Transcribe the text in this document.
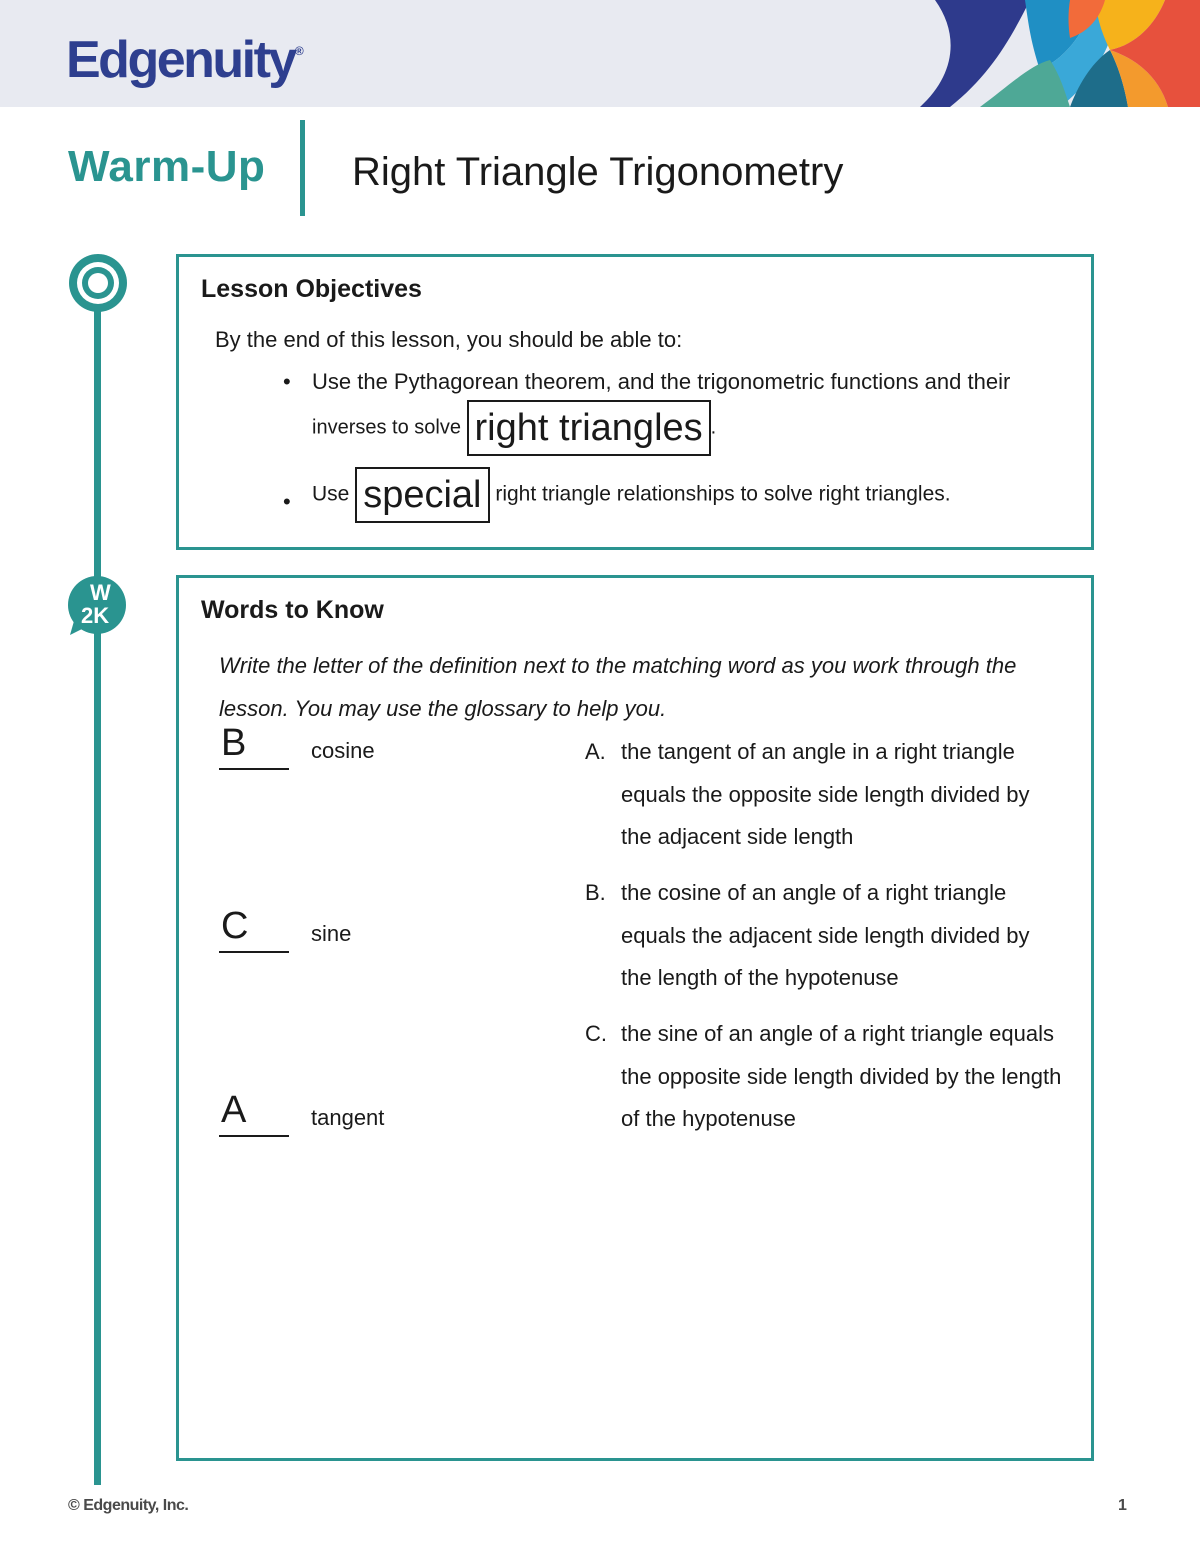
Edgenuity®
Warm-Up Right Triangle Trigonometry
W
2K
Lesson Objectives
By the end of this lesson, you should be able to:
• Use the Pythagorean theorem, and the trigonometric functions and their
inverses to solve right triangles .
• Use special right triangle relationships to solve right triangles.
Words to Know
Write the letter of the definition next to the matching word as you work through the lesson. You may use the glossary to help you.
B	cosine
C	sine
A	tangent
A. the tangent of an angle in a right triangle equals the opposite side length divided by the adjacent side length
B. the cosine of an angle of a right triangle equals the adjacent side length divided by the length of the hypotenuse
C. the sine of an angle of a right triangle equals the opposite side length divided by the length of the hypotenuse
© Edgenuity, Inc.	1
